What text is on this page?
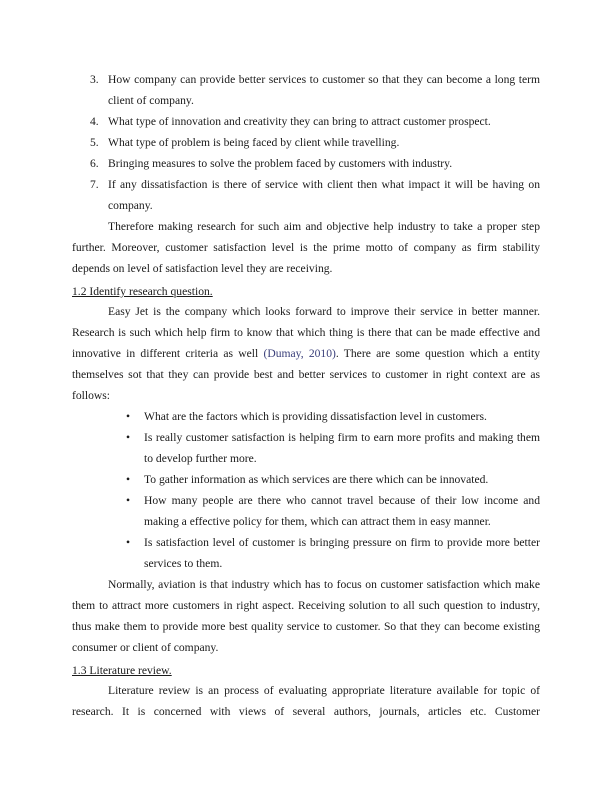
3. How company can provide better services to customer so that they can become a long term client of company.
4. What type of innovation and creativity they can bring to attract customer prospect.
5. What type of problem is being faced by client while travelling.
6. Bringing measures to solve the problem faced by customers with industry.
7. If any dissatisfaction is there of service with client then what impact it will be having on company.

Therefore making research for such aim and objective help industry to take a proper step further. Moreover, customer satisfaction level is the prime motto of company as firm stability depends on level of satisfaction level they are receiving.

1.2 Identify research question.

Easy Jet is the company which looks forward to improve their service in better manner. Research is such which help firm to know that which thing is there that can be made effective and innovative in different criteria as well (Dumay, 2010). There are some question which a entity themselves sot that they can provide best and better services to customer in right context are as follows:

• What are the factors which is providing dissatisfaction level in customers.
• Is really customer satisfaction is helping firm to earn more profits and making them to develop further more.
• To gather information as which services are there which can be innovated.
• How many people are there who cannot travel because of their low income and making a effective policy for them, which can attract them in easy manner.
• Is satisfaction level of customer is bringing pressure on firm to provide more better services to them.

Normally, aviation is that industry which has to focus on customer satisfaction which make them to attract more customers in right aspect. Receiving solution to all such question to industry, thus make them to provide more best quality service to customer. So that they can become existing consumer or client of company.

1.3 Literature review.

Literature review is an process of evaluating appropriate literature available for topic of research. It is concerned with views of several authors, journals, articles etc. Customer
